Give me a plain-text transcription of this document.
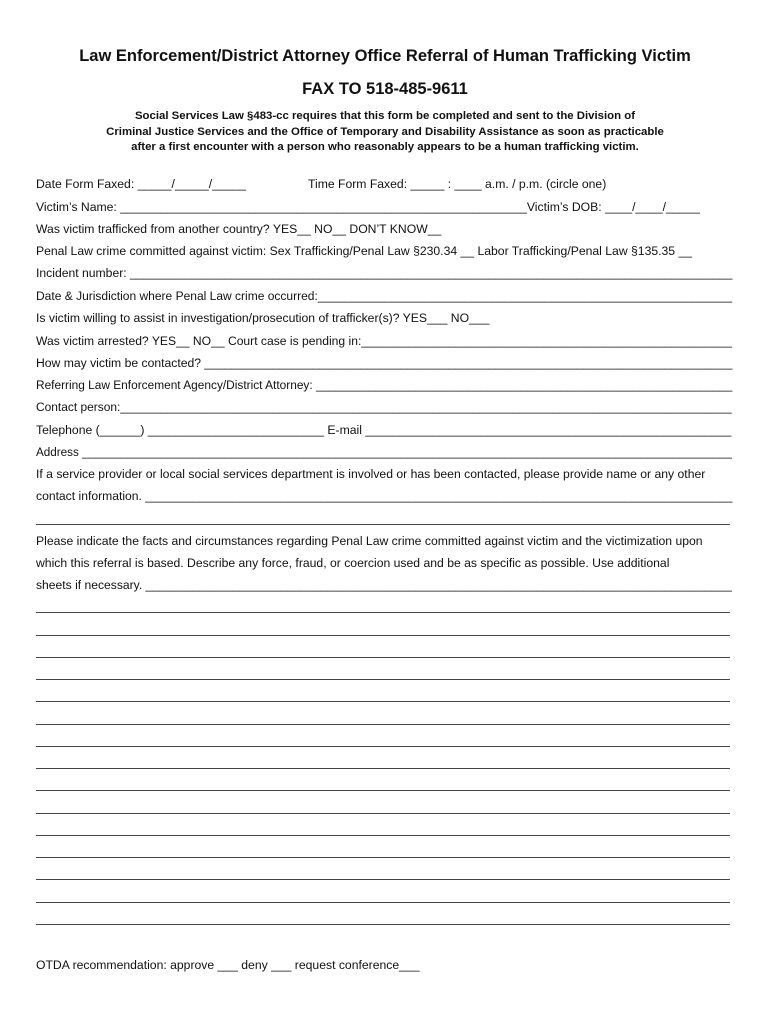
Law Enforcement/District Attorney Office Referral of Human Trafficking Victim
FAX TO 518-485-9611
Social Services Law §483-cc requires that this form be completed and sent to the Division of
Criminal Justice Services and the Office of Temporary and Disability Assistance as soon as practicable
after a first encounter with a person who reasonably appears to be a human trafficking victim.
Date Form Faxed: _____/_____/_____	Time Form Faxed: _____ : ____ a.m. / p.m. (circle one)
Victim’s Name: ____________________________________________________________Victim’s DOB: ____/____/_____
Was victim trafficked from another country? YES__ NO__ DON’T KNOW__
Penal Law crime committed against victim: Sex Trafficking/Penal Law §230.34 __ Labor Trafficking/Penal Law §135.35 __
Incident number: _________________________________________________________________________________________
Date & Jurisdiction where Penal Law crime occurred:______________________________________________________________
Is victim willing to assist in investigation/prosecution of trafficker(s)? YES___ NO___
Was victim arrested? YES__ NO__ Court case is pending in:_______________________________________________________
How may victim be contacted? ______________________________________________________________________________
Referring Law Enforcement Agency/District Attorney: _______________________________________________________________
Contact person:____________________________________________________________________________________________
Telephone (______) __________________________ E-mail ______________________________________________________
Address ____________________________________________________________________________________________________
If a service provider or local social services department is involved or has been contacted, please provide name or any other
contact information. _______________________________________________________________________________________
Please indicate the facts and circumstances regarding Penal Law crime committed against victim and the victimization upon
which this referral is based. Describe any force, fraud, or coercion used and be as specific as possible. Use additional
sheets if necessary. _______________________________________________________________________________________
OTDA recommendation: approve ___ deny ___ request conference___
